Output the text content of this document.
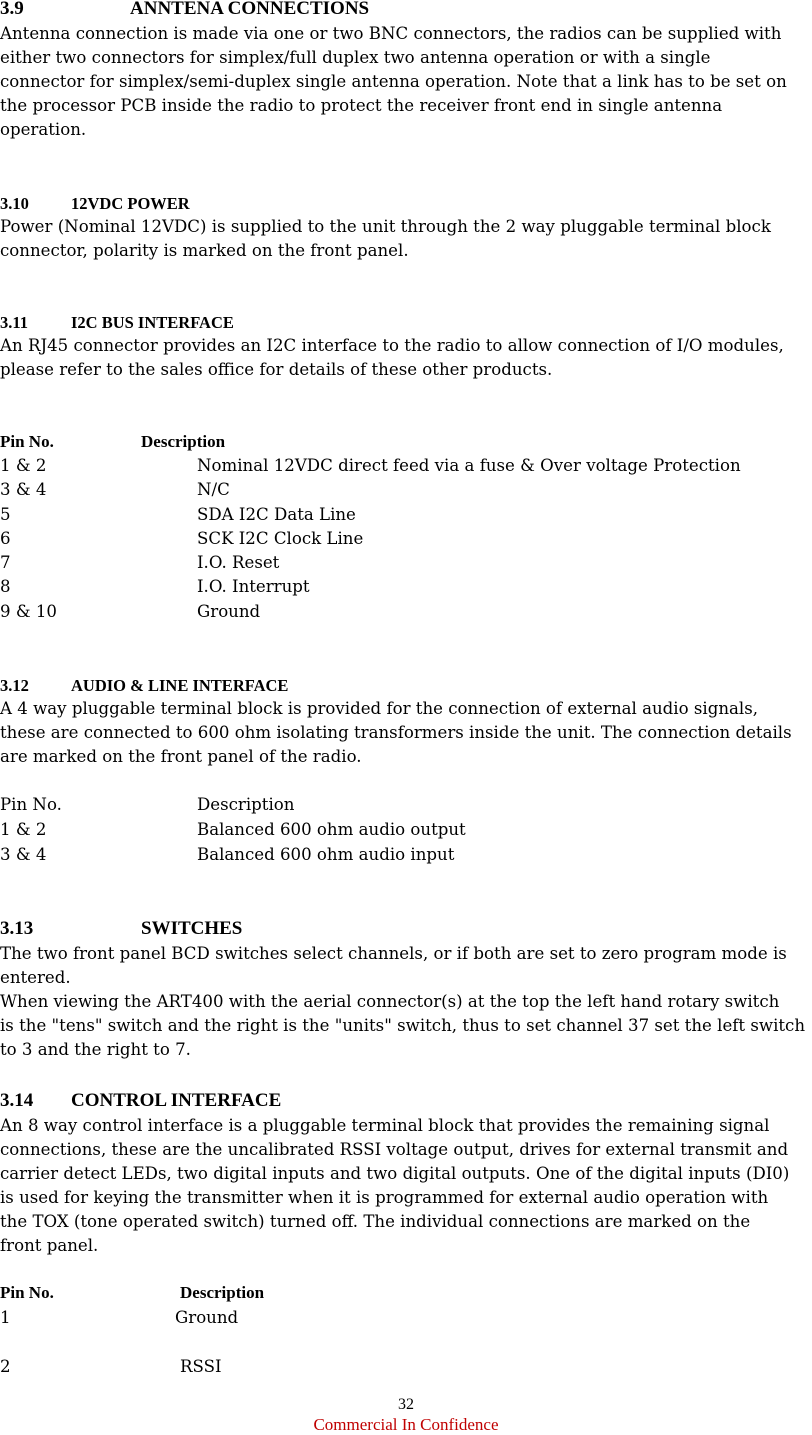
3.9	ANNTENA CONNECTIONS
Antenna connection is made via one or two BNC connectors, the radios can be supplied with
either two connectors for simplex/full duplex two antenna operation or with a single
connector for simplex/semi-duplex single antenna operation. Note that a link has to be set on
the processor PCB inside the radio to protect the receiver front end in single antenna
operation.
3.10	12VDC POWER
Power (Nominal 12VDC) is supplied to the unit through the 2 way pluggable terminal block
connector, polarity is marked on the front panel.
3.11	I2C BUS INTERFACE
An RJ45 connector provides an I2C interface to the radio to allow connection of I/O modules,
please refer to the sales office for details of these other products.
Pin No.	Description
1 & 2	Nominal 12VDC direct feed via a fuse & Over voltage Protection
3 & 4	N/C
5	SDA I2C Data Line
6	SCK I2C Clock Line
7	I.O. Reset
8	I.O. Interrupt
9 & 10	Ground
3.12	AUDIO & LINE INTERFACE
A 4 way pluggable terminal block is provided for the connection of external audio signals,
these are connected to 600 ohm isolating transformers inside the unit. The connection details
are marked on the front panel of the radio.
Pin No.	Description
1 & 2	Balanced 600 ohm audio output
3 & 4	Balanced 600 ohm audio input
3.13	SWITCHES
The two front panel BCD switches select channels, or if both are set to zero program mode is
entered.
When viewing the ART400 with the aerial connector(s) at the top the left hand rotary switch
is the "tens" switch and the right is the "units" switch, thus to set channel 37 set the left switch
to 3 and the right to 7.
3.14 CONTROL INTERFACE
An 8 way control interface is a pluggable terminal block that provides the remaining signal
connections, these are the uncalibrated RSSI voltage output, drives for external transmit and
carrier detect LEDs, two digital inputs and two digital outputs. One of the digital inputs (DI0)
is used for keying the transmitter when it is programmed for external audio operation with
the TOX (tone operated switch) turned off. The individual connections are marked on the
front panel.
Pin No.	Description
1	Ground
2	RSSI
32
Commercial In Confidence
